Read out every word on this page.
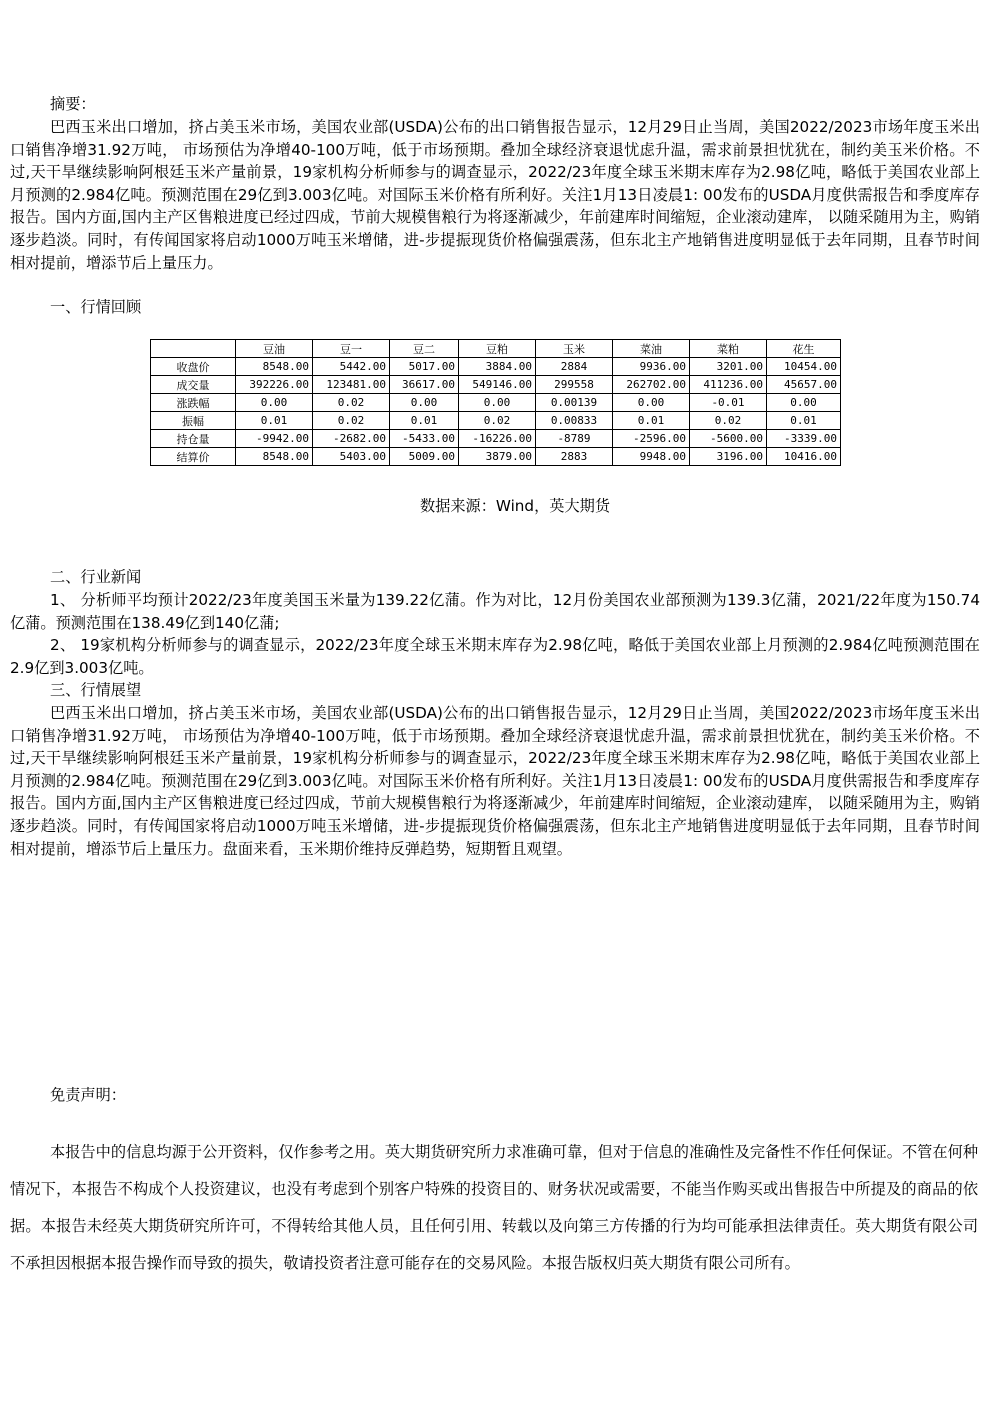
摘要：

巴西玉米出口增加，挤占美玉米市场，美国农业部(USDA)公布的出口销售报告显示，12月29日止当周，美国2022/2023市场年度玉米出口销售净增31.92万吨， 市场预估为净增40-100万吨，低于市场预期。叠加全球经济衰退忧虑升温，需求前景担忧犹在，制约美玉米价格。不过,天干旱继续影响阿根廷玉米产量前景，19家机构分析师参与的调查显示，2022/23年度全球玉米期末库存为2.98亿吨，略低于美国农业部上月预测的2.984亿吨。预测范围在29亿到3.003亿吨。对国际玉米价格有所利好。关注1月13日凌晨1: 00发布的USDA月度供需报告和季度库存报告。国内方面,国内主产区售粮进度已经过四成，节前大规模售粮行为将逐渐减少，年前建库时间缩短，企业滚动建库， 以随采随用为主，购销逐步趋淡。同时，有传闻国家将启动1000万吨玉米增储，进-步提振现货价格偏强震荡，但东北主产地销售进度明显低于去年同期，且春节时间相对提前，增添节后上量压力。

一、行情回顾

	豆油	豆一	豆二	豆粕	玉米	菜油	菜粕	花生
收盘价	8548.00	5442.00	5017.00	3884.00	2884	9936.00	3201.00	10454.00
成交量	392226.00	123481.00	36617.00	549146.00	299558	262702.00	411236.00	45657.00
涨跌幅	0.00	0.02	0.00	0.00	0.00139	0.00	-0.01	0.00
振幅	0.01	0.02	0.01	0.02	0.00833	0.01	0.02	0.01
持仓量	-9942.00	-2682.00	-5433.00	-16226.00	-8789	-2596.00	-5600.00	-3339.00
结算价	8548.00	5403.00	5009.00	3879.00	2883	9948.00	3196.00	10416.00
数据来源：Wind，英大期货

二、行业新闻

1、 分析师平均预计2022/23年度美国玉米量为139.22亿蒲。作为对比，12月份美国农业部预测为139.3亿蒲，2021/22年度为150.74亿蒲。预测范围在138.49亿到140亿蒲;

2、 19家机构分析师参与的调查显示，2022/23年度全球玉米期末库存为2.98亿吨，略低于美国农业部上月预测的2.984亿吨预测范围在2.9亿到3.003亿吨。

三、行情展望

巴西玉米出口增加，挤占美玉米市场，美国农业部(USDA)公布的出口销售报告显示，12月29日止当周，美国2022/2023市场年度玉米出口销售净增31.92万吨， 市场预估为净增40-100万吨，低于市场预期。叠加全球经济衰退忧虑升温，需求前景担忧犹在，制约美玉米价格。不过,天干旱继续影响阿根廷玉米产量前景，19家机构分析师参与的调查显示，2022/23年度全球玉米期末库存为2.98亿吨，略低于美国农业部上月预测的2.984亿吨。预测范围在29亿到3.003亿吨。对国际玉米价格有所利好。关注1月13日凌晨1: 00发布的USDA月度供需报告和季度库存报告。国内方面,国内主产区售粮进度已经过四成，节前大规模售粮行为将逐渐减少，年前建库时间缩短，企业滚动建库， 以随采随用为主，购销逐步趋淡。同时，有传闻国家将启动1000万吨玉米增储，进-步提振现货价格偏强震荡，但东北主产地销售进度明显低于去年同期，且春节时间相对提前，增添节后上量压力。盘面来看，玉米期价维持反弹趋势，短期暂且观望。

免责声明：

本报告中的信息均源于公开资料，仅作参考之用。英大期货研究所力求准确可靠，但对于信息的准确性及完备性不作任何保证。不管在何种情况下，本报告不构成个人投资建议，也没有考虑到个别客户特殊的投资目的、财务状况或需要，不能当作购买或出售报告中所提及的商品的依据。本报告未经英大期货研究所许可，不得转给其他人员，且任何引用、转载以及向第三方传播的行为均可能承担法律责任。英大期货有限公司不承担因根据本报告操作而导致的损失，敬请投资者注意可能存在的交易风险。本报告版权归英大期货有限公司所有。
